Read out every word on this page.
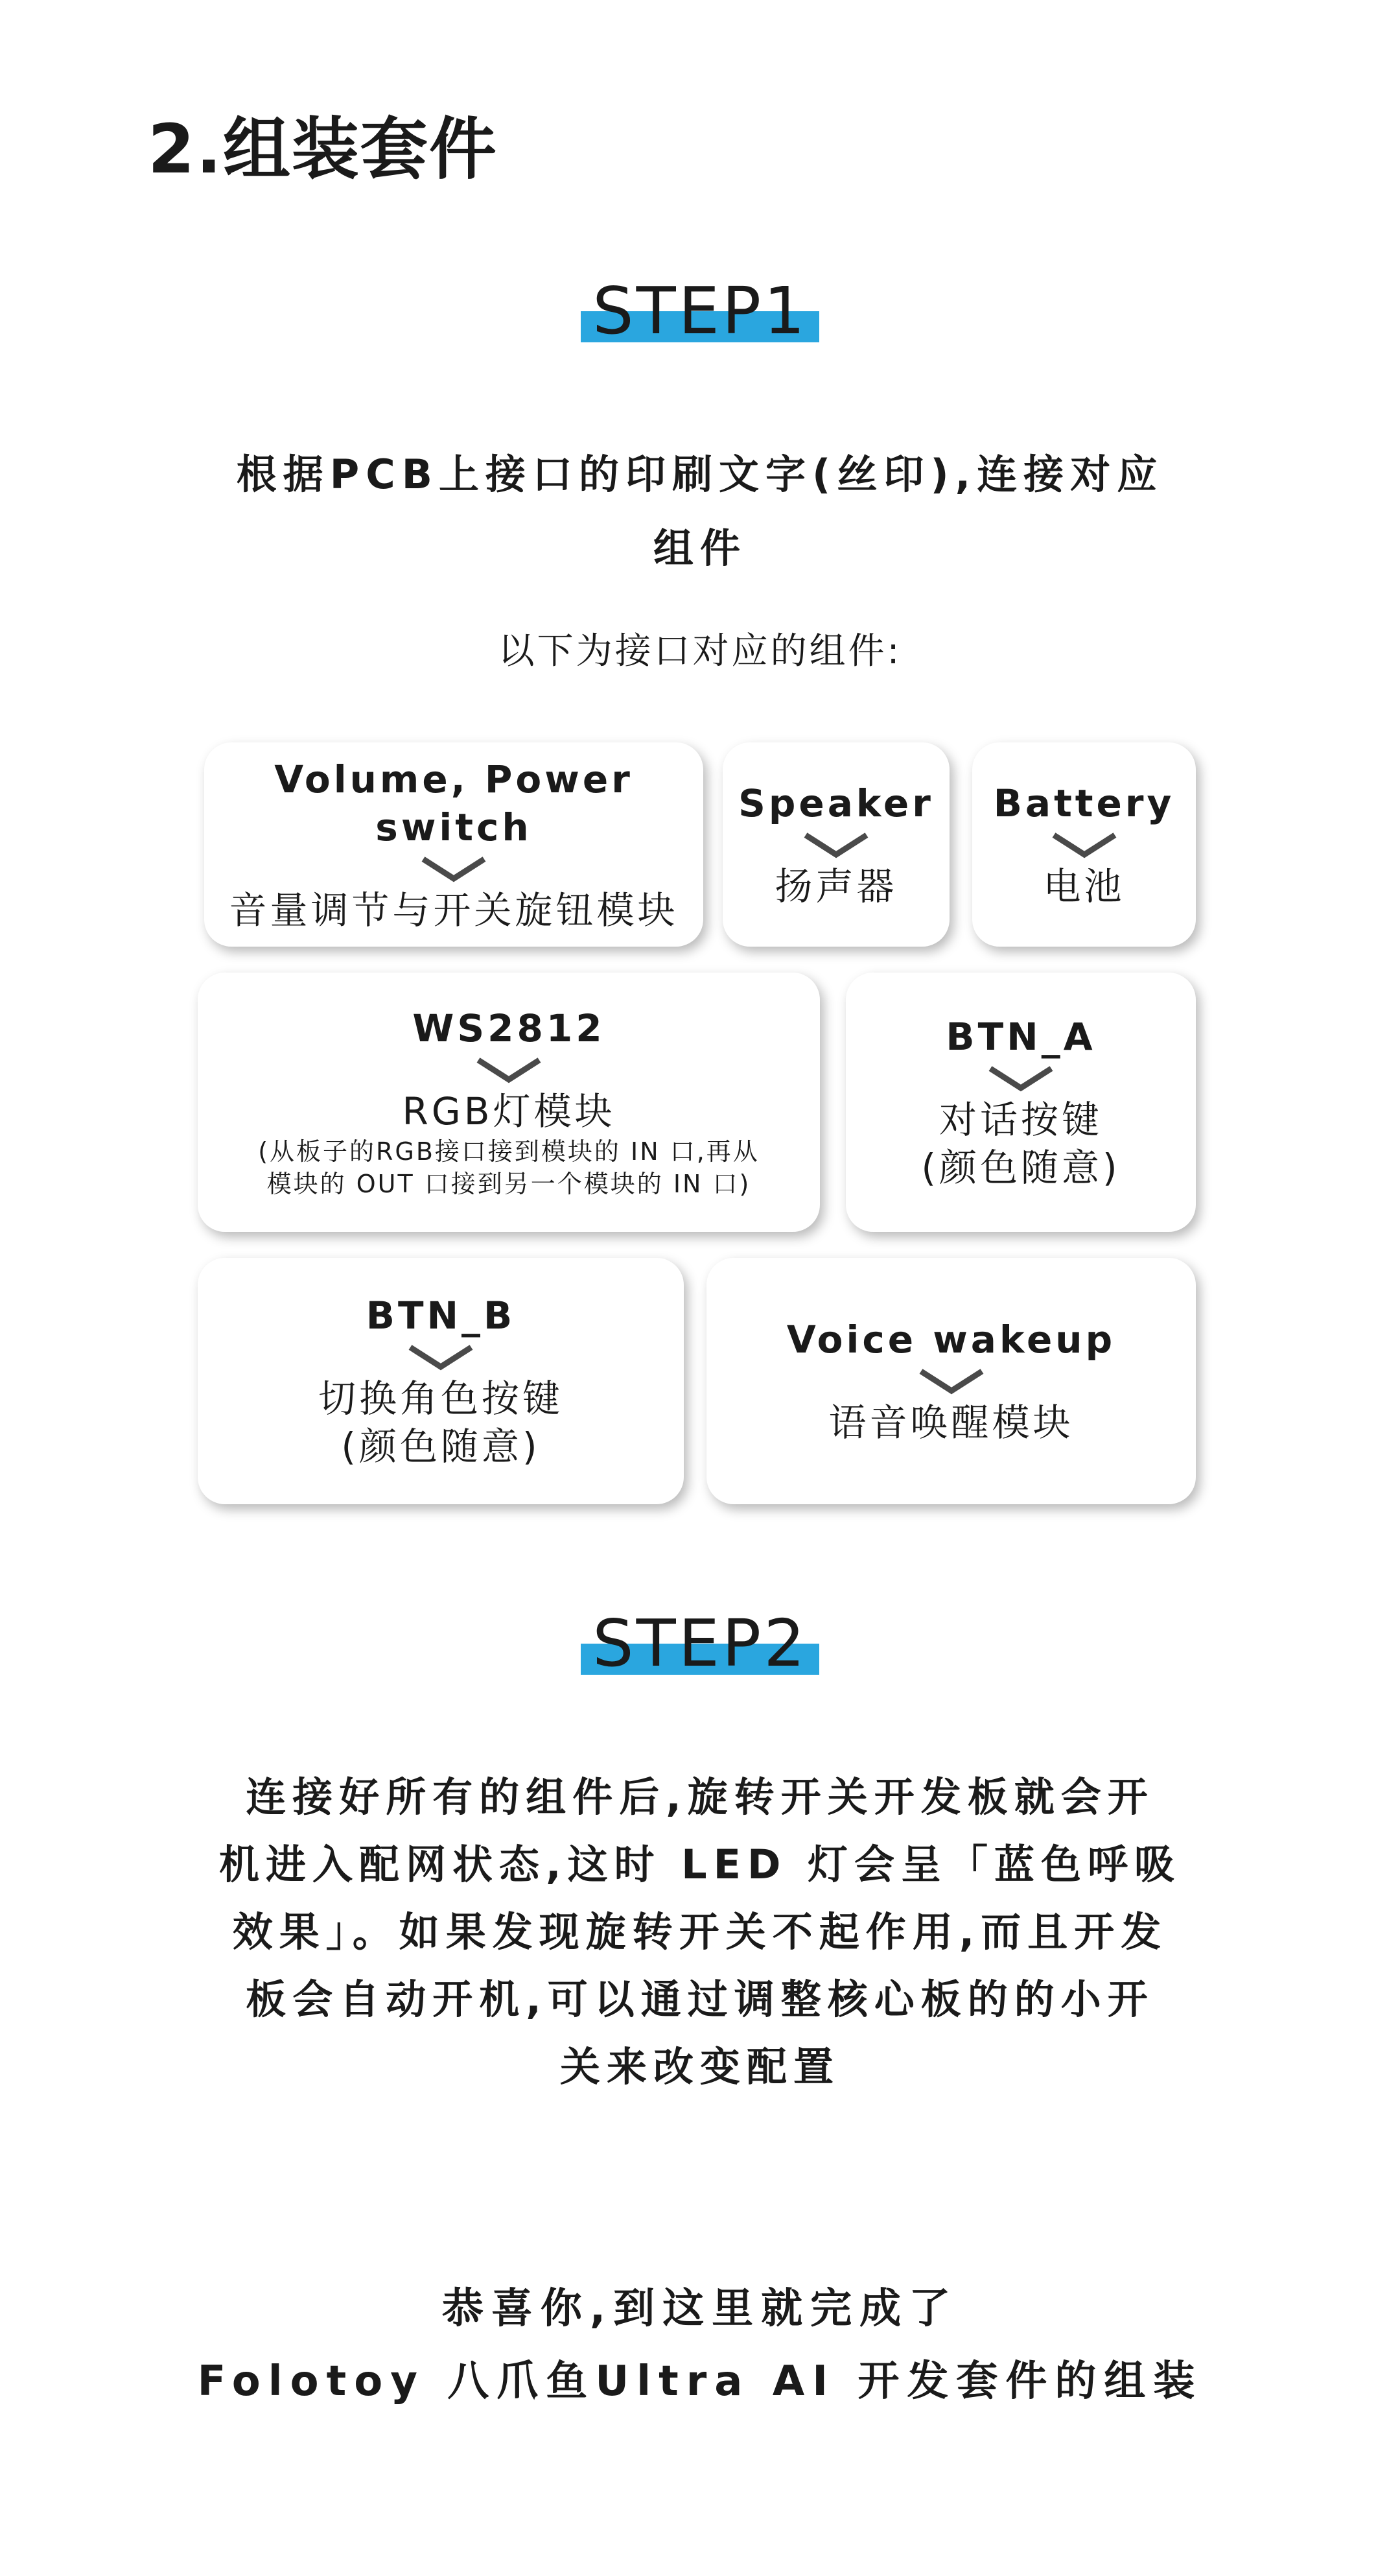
2.组装套件
STEP1
根据PCB上接口的印刷文字(丝印),连接对应
组件
以下为接口对应的组件:
Volume, Power switch
音量调节与开关旋钮模块
Speaker
扬声器
Battery
电池
WS2812
RGB灯模块
(从板子的RGB接口接到模块的 IN 口,再从
模块的 OUT 口接到另一个模块的 IN 口)
BTN_A
对话按键
(颜色随意)
BTN_B
切换角色按键
(颜色随意)
Voice wakeup
语音唤醒模块
STEP2
连接好所有的组件后,旋转开关开发板就会开
机进入配网状态,这时 LED 灯会呈「蓝色呼吸
效果」。如果发现旋转开关不起作用,而且开发
板会自动开机,可以通过调整核心板的的小开
关来改变配置
恭喜你,到这里就完成了
Folotoy 八爪鱼Ultra AI 开发套件的组装
